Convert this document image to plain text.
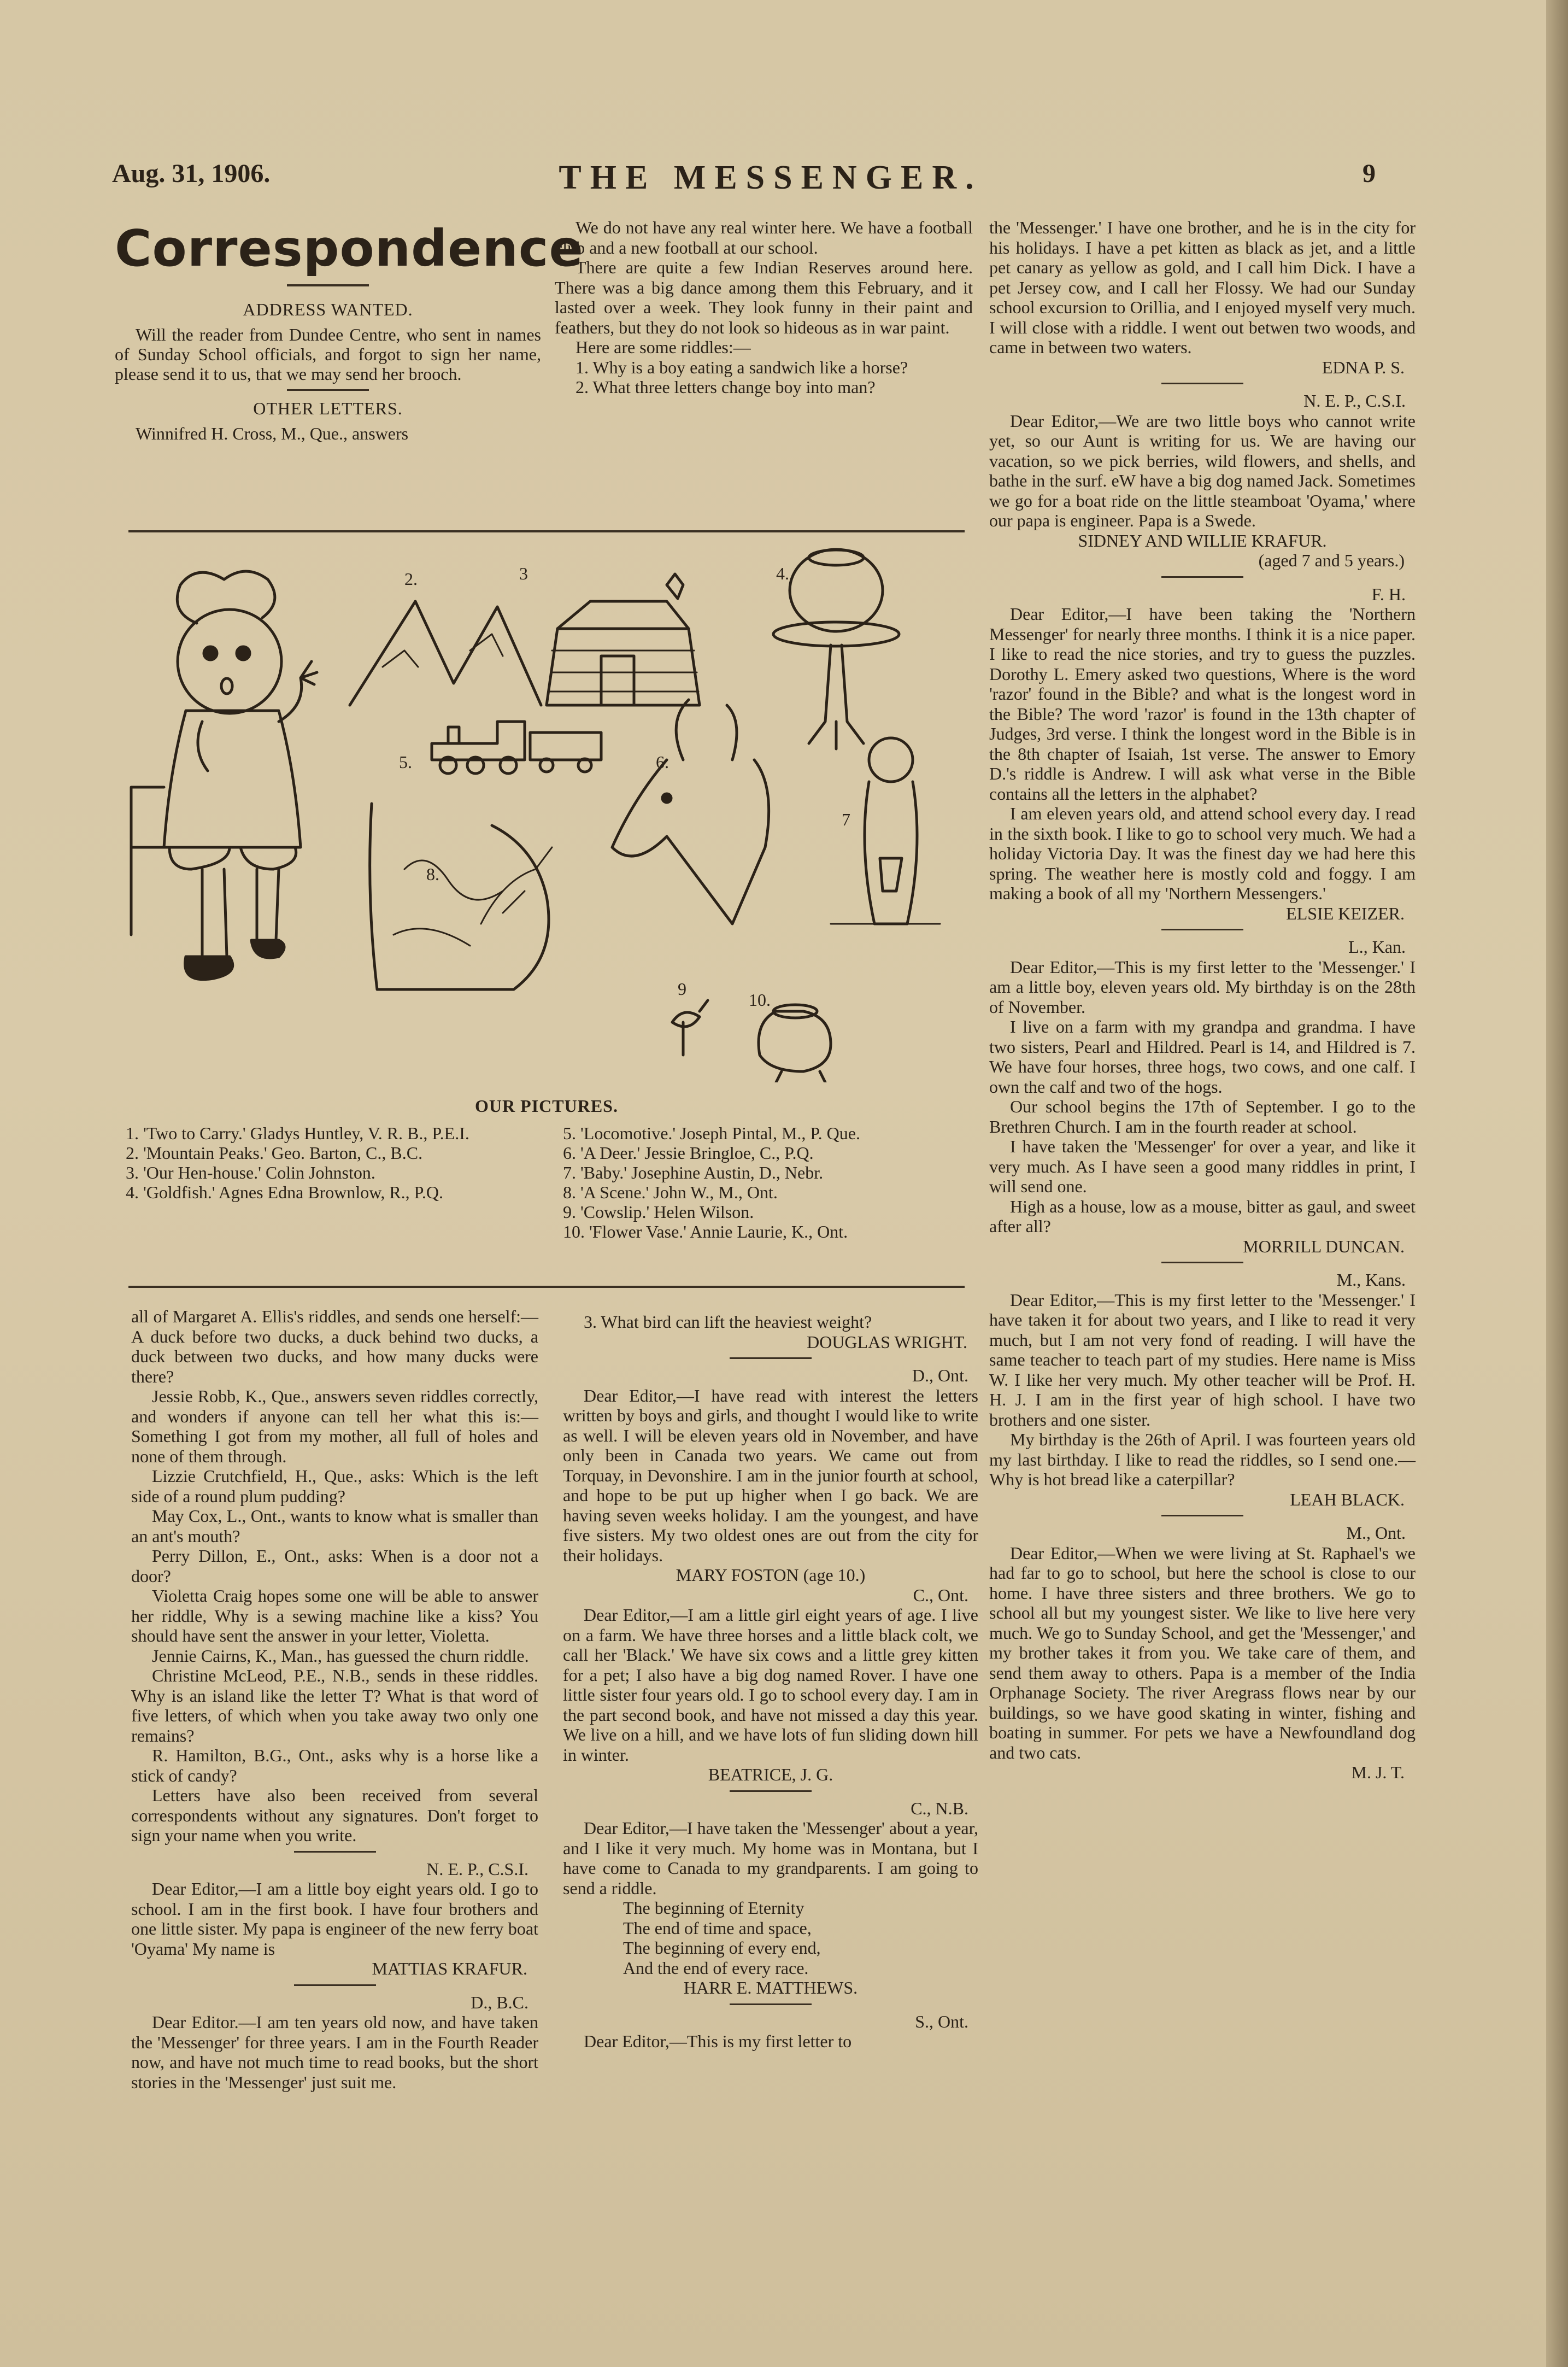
Aug. 31, 1906.	THE MESSENGER.	9
Correspondence
ADDRESS WANTED.

Will the reader from Dundee Centre, who sent in names of Sunday School officials, and forgot to sign her name, please send it to us, that we may send her brooch.

OTHER LETTERS.

Winnifred H. Cross, M., Que., answers

We do not have any real winter here. We have a football club and a new football at our school.

There are quite a few Indian Reserves around here. There was a big dance among them this February, and it lasted over a week. They look funny in their paint and feathers, but they do not look so hideous as in war paint.

Here are some riddles:—

1. Why is a boy eating a sandwich like a horse?

2. What three letters change boy into man?

2.	3	4.
5.	6.
7
8.
9
10.
OUR PICTURES.
1. 'Two to Carry.' Gladys Huntley, V. R. B., P.E.I.
2. 'Mountain Peaks.' Geo. Barton, C., B.C.
3. 'Our Hen-house.' Colin Johnston.
4. 'Goldfish.' Agnes Edna Brownlow, R., P.Q.
5. 'Locomotive.' Joseph Pintal, M., P. Que.
6. 'A Deer.' Jessie Bringloe, C., P.Q.
7. 'Baby.' Josephine Austin, D., Nebr.
8. 'A Scene.' John W., M., Ont.
9. 'Cowslip.' Helen Wilson.
10. 'Flower Vase.' Annie Laurie, K., Ont.

all of Margaret A. Ellis's riddles, and sends one herself:—A duck before two ducks, a duck behind two ducks, a duck between two ducks, and how many ducks were there?

Jessie Robb, K., Que., answers seven riddles correctly, and wonders if anyone can tell her what this is:—Something I got from my mother, all full of holes and none of them through.

Lizzie Crutchfield, H., Que., asks: Which is the left side of a round plum pudding?

May Cox, L., Ont., wants to know what is smaller than an ant's mouth?

Perry Dillon, E., Ont., asks: When is a door not a door?

Violetta Craig hopes some one will be able to answer her riddle, Why is a sewing machine like a kiss? You should have sent the answer in your letter, Violetta.

Jennie Cairns, K., Man., has guessed the churn riddle.

Christine McLeod, P.E., N.B., sends in these riddles. Why is an island like the letter T? What is that word of five letters, of which when you take away two only one remains?

R. Hamilton, B.G., Ont., asks why is a horse like a stick of candy?

Letters have also been received from several correspondents without any signatures. Don't forget to sign your name when you write.

N. E. P., C.S.I.

Dear Editor,—I am a little boy eight years old. I go to school. I am in the first book. I have four brothers and one little sister. My papa is engineer of the new ferry boat 'Oyama' My name is

MATTIAS KRAFUR.

D., B.C.

Dear Editor.—I am ten years old now, and have taken the 'Messenger' for three years. I am in the Fourth Reader now, and have not much time to read books, but the short stories in the 'Messenger' just suit me.

3. What bird can lift the heaviest weight?

DOUGLAS WRIGHT.

D., Ont.

Dear Editor,—I have read with interest the letters written by boys and girls, and thought I would like to write as well. I will be eleven years old in November, and have only been in Canada two years. We came out from Torquay, in Devonshire. I am in the junior fourth at school, and hope to be put up higher when I go back. We are having seven weeks holiday. I am the youngest, and have five sisters. My two oldest ones are out from the city for their holidays.

MARY FOSTON (age 10.)

C., Ont.

Dear Editor,—I am a little girl eight years of age. I live on a farm. We have three horses and a little black colt, we call her 'Black.' We have six cows and a little grey kitten for a pet; I also have a big dog named Rover. I have one little sister four years old. I go to school every day. I am in the part second book, and have not missed a day this year. We live on a hill, and we have lots of fun sliding down hill in winter.

BEATRICE, J. G.

C., N.B.

Dear Editor,—I have taken the 'Messenger' about a year, and I like it very much. My home was in Montana, but I have come to Canada to my grandparents. I am going to send a riddle.

The beginning of Eternity

The end of time and space,

The beginning of every end,

And the end of every race.

HARR E. MATTHEWS.

S., Ont.

Dear Editor,—This is my first letter to

the 'Messenger.' I have one brother, and he is in the city for his holidays. I have a pet kitten as black as jet, and a little pet canary as yellow as gold, and I call him Dick. I have a pet Jersey cow, and I call her Flossy. We had our Sunday school excursion to Orillia, and I enjoyed myself very much. I will close with a riddle. I went out betwen two woods, and came in between two waters.

EDNA P. S.

N. E. P., C.S.I.

Dear Editor,—We are two little boys who cannot write yet, so our Aunt is writing for us. We are having our vacation, so we pick berries, wild flowers, and shells, and bathe in the surf. eW have a big dog named Jack. Sometimes we go for a boat ride on the little steamboat 'Oyama,' where our papa is engineer. Papa is a Swede.

SIDNEY AND WILLIE KRAFUR.

(aged 7 and 5 years.)

F. H.

Dear Editor,—I have been taking the 'Northern Messenger' for nearly three months. I think it is a nice paper. I like to read the nice stories, and try to guess the puzzles. Dorothy L. Emery asked two questions, Where is the word 'razor' found in the Bible? and what is the longest word in the Bible? The word 'razor' is found in the 13th chapter of Judges, 3rd verse. I think the longest word in the Bible is in the 8th chapter of Isaiah, 1st verse. The answer to Emory D.'s riddle is Andrew. I will ask what verse in the Bible contains all the letters in the alphabet?

I am eleven years old, and attend school every day. I read in the sixth book. I like to go to school very much. We had a holiday Victoria Day. It was the finest day we had here this spring. The weather here is mostly cold and foggy. I am making a book of all my 'Northern Messengers.'

ELSIE KEIZER.

L., Kan.

Dear Editor,—This is my first letter to the 'Messenger.' I am a little boy, eleven years old. My birthday is on the 28th of November.

I live on a farm with my grandpa and grandma. I have two sisters, Pearl and Hildred. Pearl is 14, and Hildred is 7. We have four horses, three hogs, two cows, and one calf. I own the calf and two of the hogs.

Our school begins the 17th of September. I go to the Brethren Church. I am in the fourth reader at school.

I have taken the 'Messenger' for over a year, and like it very much. As I have seen a good many riddles in print, I will send one.

High as a house, low as a mouse, bitter as gaul, and sweet after all?

MORRILL DUNCAN.

M., Kans.

Dear Editor,—This is my first letter to the 'Messenger.' I have taken it for about two years, and I like to read it very much, but I am not very fond of reading. I will have the same teacher to teach part of my studies. Here name is Miss W. I like her very much. My other teacher will be Prof. H. H. J. I am in the first year of high school. I have two brothers and one sister.

My birthday is the 26th of April. I was fourteen years old my last birthday. I like to read the riddles, so I send one.—Why is hot bread like a caterpillar?

LEAH BLACK.

M., Ont.

Dear Editor,—When we were living at St. Raphael's we had far to go to school, but here the school is close to our home. I have three sisters and three brothers. We go to school all but my youngest sister. We like to live here very much. We go to Sunday School, and get the 'Messenger,' and my brother takes it from you. We take care of them, and send them away to others. Papa is a member of the India Orphanage Society. The river Aregrass flows near by our buildings, so we have good skating in winter, fishing and boating in summer. For pets we have a Newfoundland dog and two cats.

M. J. T.
